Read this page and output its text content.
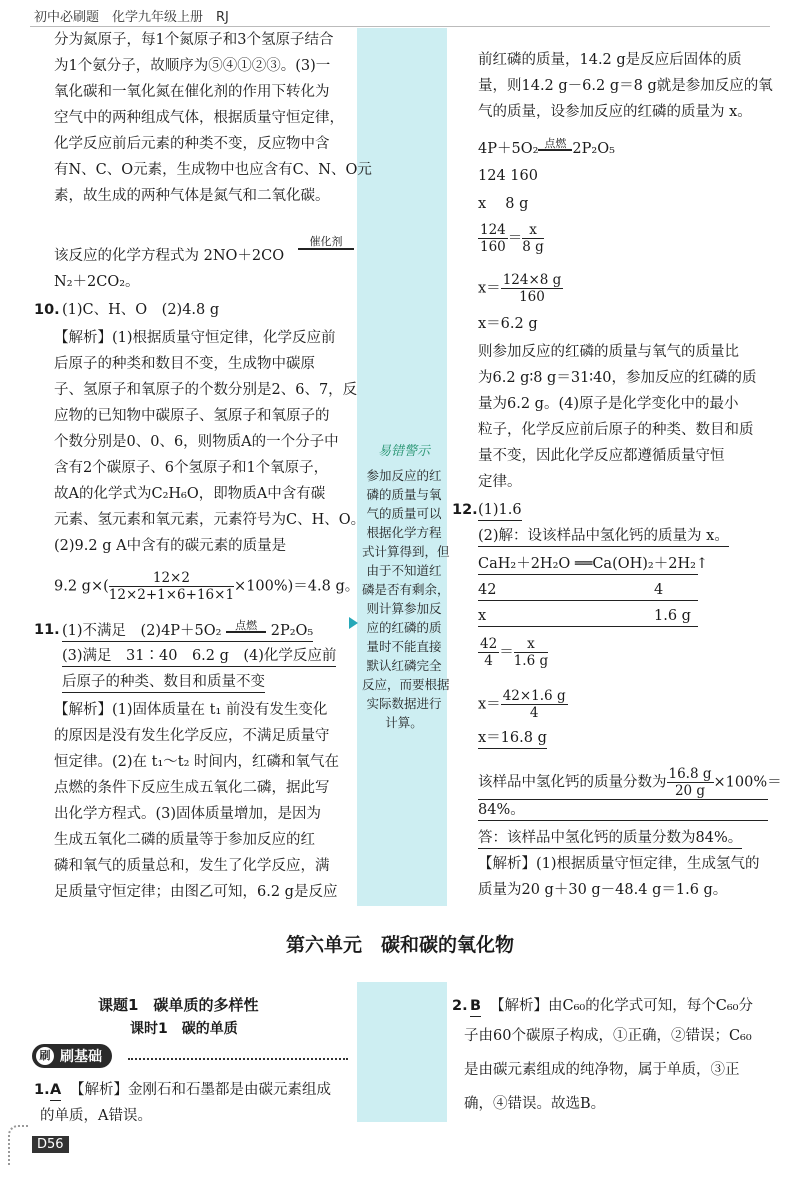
初中必刷题　化学九年级上册　RJ
分为氮原子，每1个氮原子和3个氢原子结合
为1个氨分子，故顺序为⑤④①②③。(3)一
氧化碳和一氧化氮在催化剂的作用下转化为
空气中的两种组成气体，根据质量守恒定律，
化学反应前后元素的种类不变，反应物中含
有N、C、O元素，生成物中也应含有C、N、O元
素，故生成的两种气体是氮气和二氧化碳。
该反应的化学方程式为 2NO＋2CO
催化剂
N₂＋2CO₂。
10. (1)C、H、O　(2)4.8 g
【解析】(1)根据质量守恒定律，化学反应前
后原子的种类和数目不变，生成物中碳原
子、氢原子和氧原子的个数分别是2、6、7，反
应物的已知物中碳原子、氢原子和氧原子的
个数分别是0、0、6，则物质A的一个分子中
含有2个碳原子、6个氢原子和1个氧原子，
故A的化学式为C₂H₆O，即物质A中含有碳
元素、氢元素和氧元素，元素符号为C、H、O。
(2)9.2 g A中含有的碳元素的质量是
9.2 $g\times( \frac{12\times 2}{12\times 2+1\times 6+16\times 1} \times 100\%)=4.8$ g。
11. (1)不满足　(2)4P＋5O₂ 点燃 2P₂O₅
(3)满足　31∶40　6.2 g　(4)化学反应前
后原子的种类、数目和质量不变
【解析】(1)固体质量在 t₁ 前没有发生变化
的原因是没有发生化学反应，不满足质量守
恒定律。(2)在 t₁～t₂ 时间内，红磷和氧气在
点燃的条件下反应生成五氧化二磷，据此写
出化学方程式。(3)固体质量增加，是因为
生成五氧化二磷的质量等于参加反应的红
磷和氧气的质量总和，发生了化学反应，满
足质量守恒定律；由图乙可知，6.2 g是反应
易错警示
参加反应的红
磷的质量与氧
气的质量可以
根据化学方程
式计算得到，但
由于不知道红
磷是否有剩余，
则计算参加反
应的红磷的质
量时不能直接
默认红磷完全
反应，而要根据
实际数据进行
计算。
前红磷的质量，14.2 g是反应后固体的质
量，则14.2 g－6.2 g＝8 g就是参加反应的氧
气的质量，设参加反应的红磷的质量为 x。
4P＋5O₂ 点燃 2P₂O₅
124 160
x　 8 g
$\frac{124}{160} = \frac{x}{8 g}$
$x= \frac{124\times 8 g}{160}$
x＝6.2 g
则参加反应的红磷的质量与氧气的质量比
为6.2 g∶8 g＝31∶40，参加反应的红磷的质
量为6.2 g。(4)原子是化学变化中的最小
粒子，化学反应前后原子的种类、数目和质
量不变，因此化学反应都遵循质量守恒
定律。
12. (1)1.6
(2)解：设该样品中氢化钙的质量为 x。
CaH₂＋2H₂O ══Ca(OH)₂＋2H₂↑
42	4
x	1.6 g
$\frac{42}{4} = \frac{x}{1.6 g}$
$x= \frac{42\times 1.6 g}{4}$
x＝16.8 g
该样品中氢化钙的质量分数为 $\frac{16.8 g}{20 g} \times 100\%=$
84%。
答：该样品中氢化钙的质量分数为84%。
【解析】(1)根据质量守恒定律，生成氢气的
质量为20 g＋30 g－48.4 g＝1.6 g。
第六单元　碳和碳的氧化物
课题1　碳单质的多样性
课时1　碳的单质
刷基础
刷
1. A 【解析】金刚石和石墨都是由碳元素组成
的单质，A错误。
2. B 【解析】由C₆₀的化学式可知，每个C₆₀分
子由60个碳原子构成，①正确，②错误；C₆₀
是由碳元素组成的纯净物，属于单质，③正
确，④错误。故选B。
D56
